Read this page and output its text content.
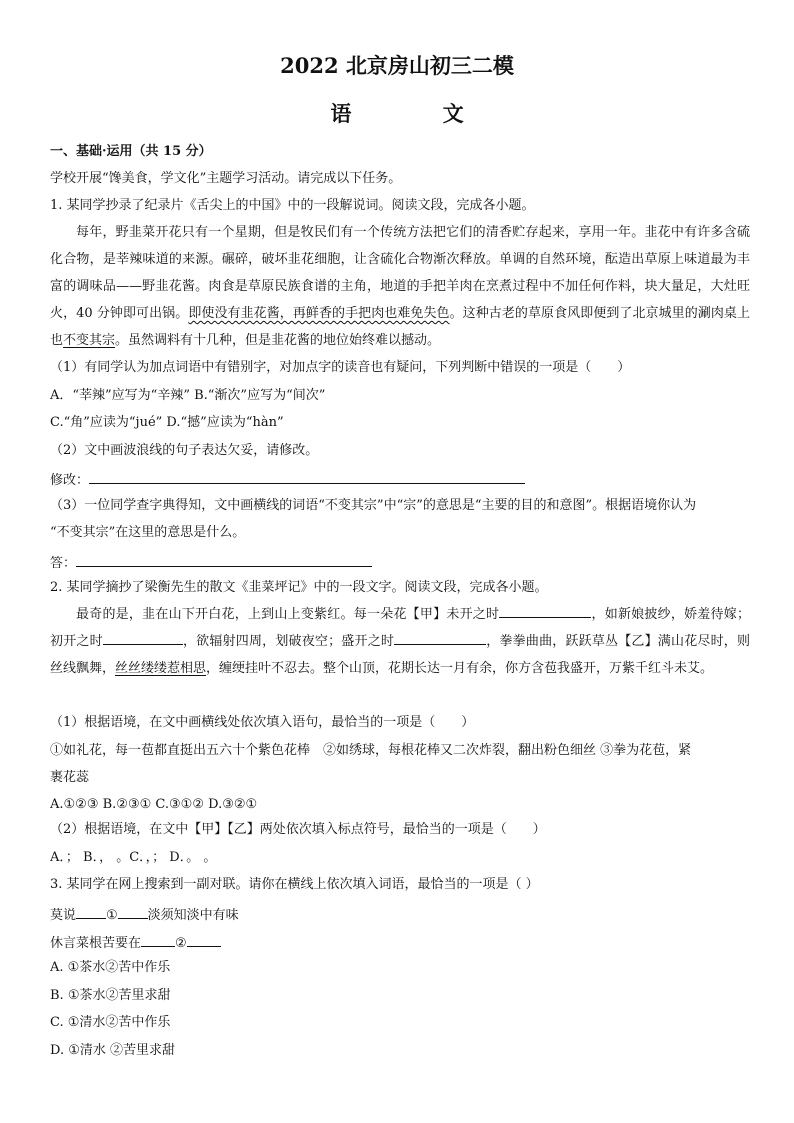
2022 北京房山初三二模
语 文
一、基础·运用（共 15 分）
学校开展“馋美食，学文化”主题学习活动。请完成以下任务。
1. 某同学抄录了纪录片《舌尖上的中国》中的一段解说词。阅读文段，完成各小题。
每年，野韭菜开花只有一个星期，但是牧民们有一个传统方法把它们的清香贮存起来，享用一年。韭花中有许多含硫化合物，是莘辣味道的来源。碾碎，破坏韭花细胞，让含硫化合物渐次释放。单调的自然环境，酝造出草原上味道最为丰富的调味品——野韭花酱。肉食是草原民族食谱的主角，地道的手把羊肉在烹煮过程中不加任何作料，块大量足，大灶旺火，40 分钟即可出锅。即使没有韭花酱，再鲜香的手把肉也难免失色。这种古老的草原食风即便到了北京城里的涮肉桌上也不变其宗。虽然调料有十几种，但是韭花酱的地位始终难以撼动。
（1）有同学认为加点词语中有错别字，对加点字的读音也有疑问，下列判断中错误的一项是（　　）
A．“莘辣”应写为“辛辣” B.“渐次”应写为“间次”
C.“角”应读为“jué” D.“撼”应读为“hàn”
（2）文中画波浪线的句子表达欠妥，请修改。
修改：
（3）一位同学查字典得知，文中画横线的词语“不变其宗”中“宗”的意思是“主要的目的和意图”。根据语境你认为
“不变其宗”在这里的意思是什么。
答：
2. 某同学摘抄了梁衡先生的散文《韭菜坪记》中的一段文字。阅读文段，完成各小题。
最奇的是，韭在山下开白花，上到山上变紫红。每一朵花【甲】未开之时	，如新娘披纱，娇羞待嫁；初开之时	，欲辐射四周，划破夜空；盛开之时	，拳拳曲曲，跃跃草丛【乙】满山花尽时，则丝线飘舞，丝丝缕缕惹相思，缠绠挂叶不忍去。整个山顶，花期长达一月有余，你方含苞我盛开，万紫千红斗未艾。
（1）根据语境，在文中画横线处依次填入语句，最恰当的一项是（　　）
①如礼花，每一苞都直挺出五六十个紫色花棒　②如绣球，每根花棒又二次炸裂，翻出粉色细丝 ③拳为花苞，紧
裹花蕊
A.①②③ B.②③① C.③①② D.③②①
（2）根据语境，在文中【甲】【乙】两处依次填入标点符号，最恰当的一项是（　　）
A．； B．， 。C．，； D．。 。
3. 某同学在网上搜索到一副对联。请你在横线上依次填入词语，最恰当的一项是（ ）
莫说 ① 淡须知淡中有味
休言菜根苦要在	②
A. ①茶水②苦中作乐
B. ①茶水②苦里求甜
C. ①清水②苦中作乐
D. ①清水 ②苦里求甜
